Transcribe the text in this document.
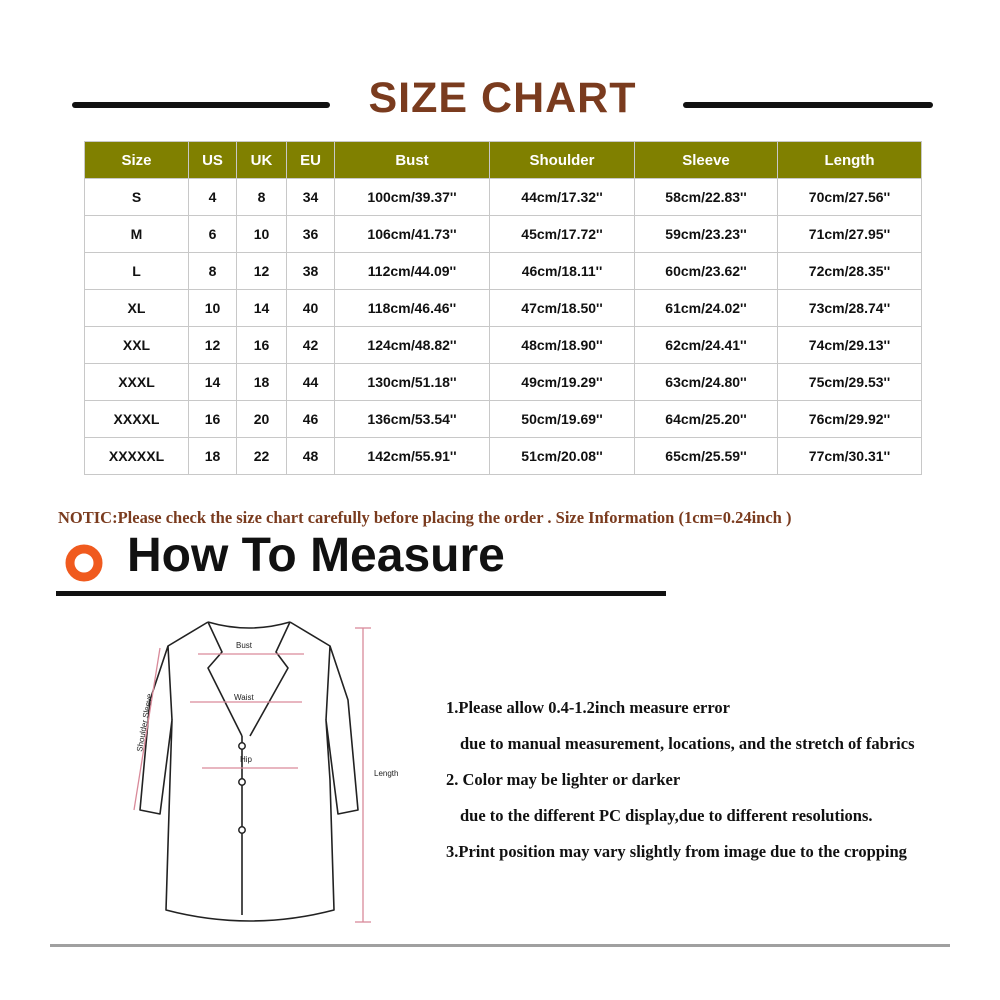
SIZE CHART
Size	US	UK	EU	Bust	Shoulder	Sleeve	Length
S	4	8	34	100cm/39.37''	44cm/17.32''	58cm/22.83''	70cm/27.56''
M	6	10	36	106cm/41.73''	45cm/17.72''	59cm/23.23''	71cm/27.95''
L	8	12	38	112cm/44.09''	46cm/18.11''	60cm/23.62''	72cm/28.35''
XL	10	14	40	118cm/46.46''	47cm/18.50''	61cm/24.02''	73cm/28.74''
XXL	12	16	42	124cm/48.82''	48cm/18.90''	62cm/24.41''	74cm/29.13''
XXXL	14	18	44	130cm/51.18''	49cm/19.29''	63cm/24.80''	75cm/29.53''
XXXXL	16	20	46	136cm/53.54''	50cm/19.69''	64cm/25.20''	76cm/29.92''
XXXXXL	18	22	48	142cm/55.91''	51cm/20.08''	65cm/25.59''	77cm/30.31''
NOTIC:Please check the size chart carefully before placing the order . Size Information (1cm=0.24inch )
How To Measure
Bust
Waist
Hip
Length
Shoulder Sleeve	1.Please allow 0.4-1.2inch measure error
due to manual measurement, locations, and the stretch of fabrics
2. Color may be lighter or darker
due to the different PC display,due to different resolutions.
3.Print position may vary slightly from image due to the cropping
